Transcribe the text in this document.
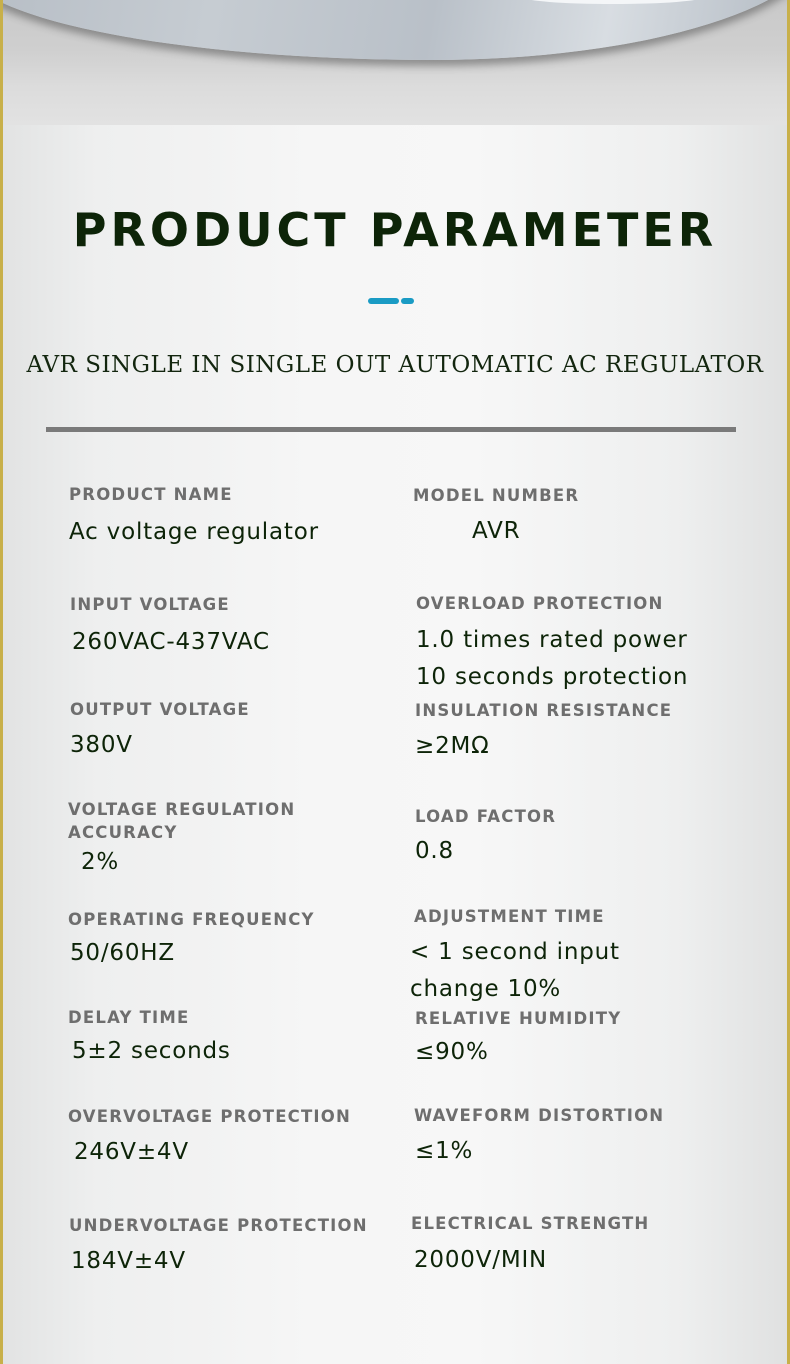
PRODUCT PARAMETER
AVR SINGLE IN SINGLE OUT AUTOMATIC AC REGULATOR
PRODUCT NAME
Ac voltage regulator
INPUT VOLTAGE
260VAC-437VAC
OUTPUT VOLTAGE
380V
VOLTAGE REGULATION
ACCURACY
2%
OPERATING FREQUENCY
50/60HZ
DELAY TIME
5±2 seconds
OVERVOLTAGE PROTECTION
246V±4V
UNDERVOLTAGE PROTECTION
184V±4V
MODEL NUMBER
AVR
OVERLOAD PROTECTION
1.0 times rated power
10 seconds protection
INSULATION RESISTANCE
≥2MΩ
LOAD FACTOR
0.8
ADJUSTMENT TIME
< 1 second input
change 10%
RELATIVE HUMIDITY
≤90%
WAVEFORM DISTORTION
≤1%
ELECTRICAL STRENGTH
2000V/MIN
